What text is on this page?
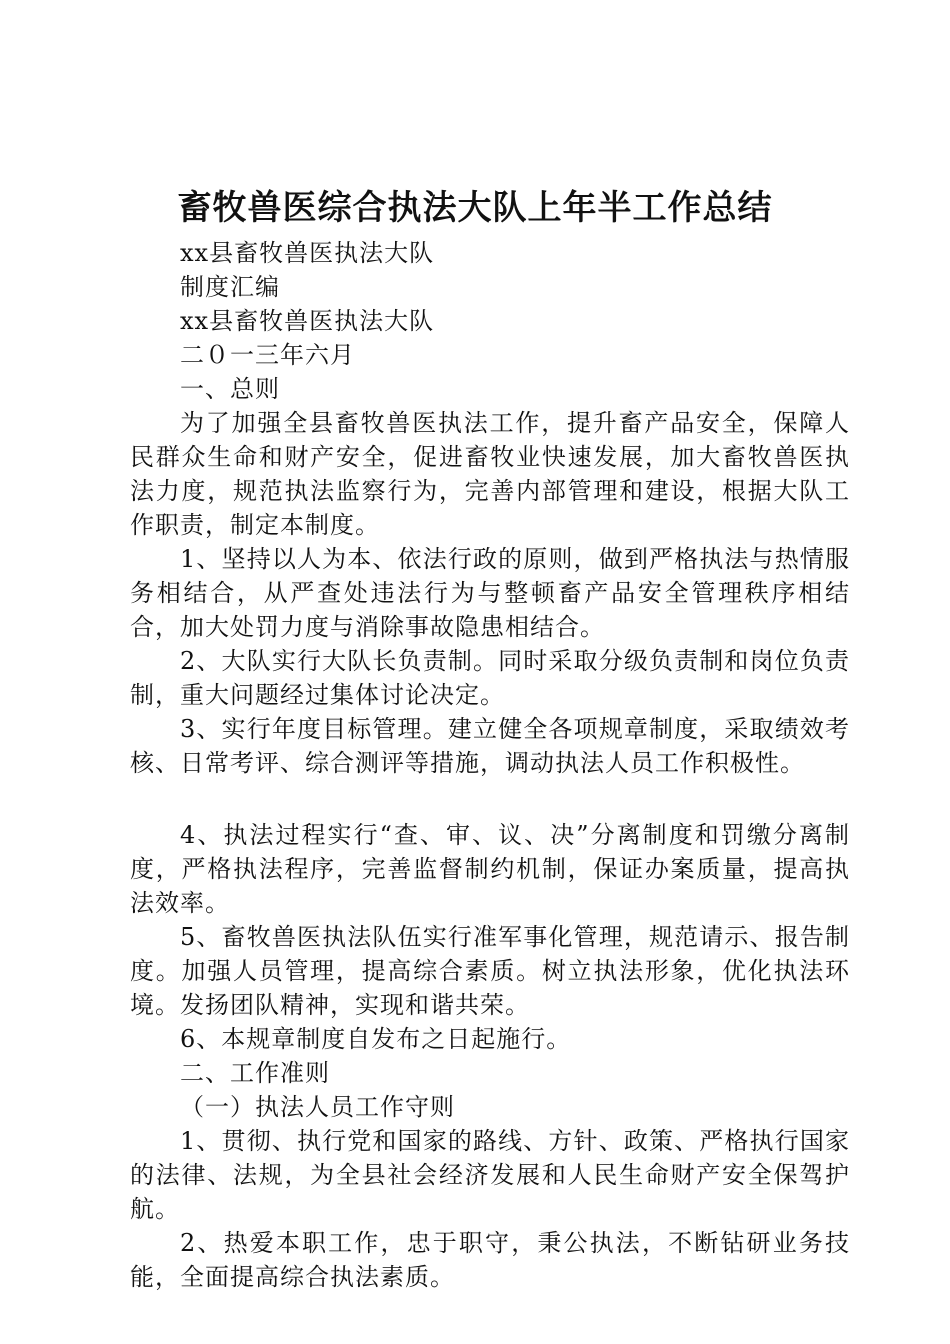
畜牧兽医综合执法大队上年半工作总结

xx县畜牧兽医执法大队

制度汇编

xx县畜牧兽医执法大队

二０一三年六月

一、总则

为了加强全县畜牧兽医执法工作，提升畜产品安全，保障人民群众生命和财产安全，促进畜牧业快速发展，加大畜牧兽医执法力度，规范执法监察行为，完善内部管理和建设，根据大队工作职责，制定本制度。

1、坚持以人为本、依法行政的原则，做到严格执法与热情服务相结合，从严查处违法行为与整顿畜产品安全管理秩序相结合，加大处罚力度与消除事故隐患相结合。

2、大队实行大队长负责制。同时采取分级负责制和岗位负责制，重大问题经过集体讨论决定。

3、实行年度目标管理。建立健全各项规章制度，采取绩效考核、日常考评、综合测评等措施，调动执法人员工作积极性。

4、执法过程实行“查、审、议、决”分离制度和罚缴分离制度，严格执法程序，完善监督制约机制，保证办案质量，提高执法效率。

5、畜牧兽医执法队伍实行准军事化管理，规范请示、报告制度。加强人员管理，提高综合素质。树立执法形象，优化执法环境。发扬团队精神，实现和谐共荣。

6、本规章制度自发布之日起施行。

二、工作准则

（一）执法人员工作守则

1、贯彻、执行党和国家的路线、方针、政策、严格执行国家的法律、法规，为全县社会经济发展和人民生命财产安全保驾护航。

2、热爱本职工作，忠于职守，秉公执法，不断钻研业务技能，全面提高综合执法素质。
